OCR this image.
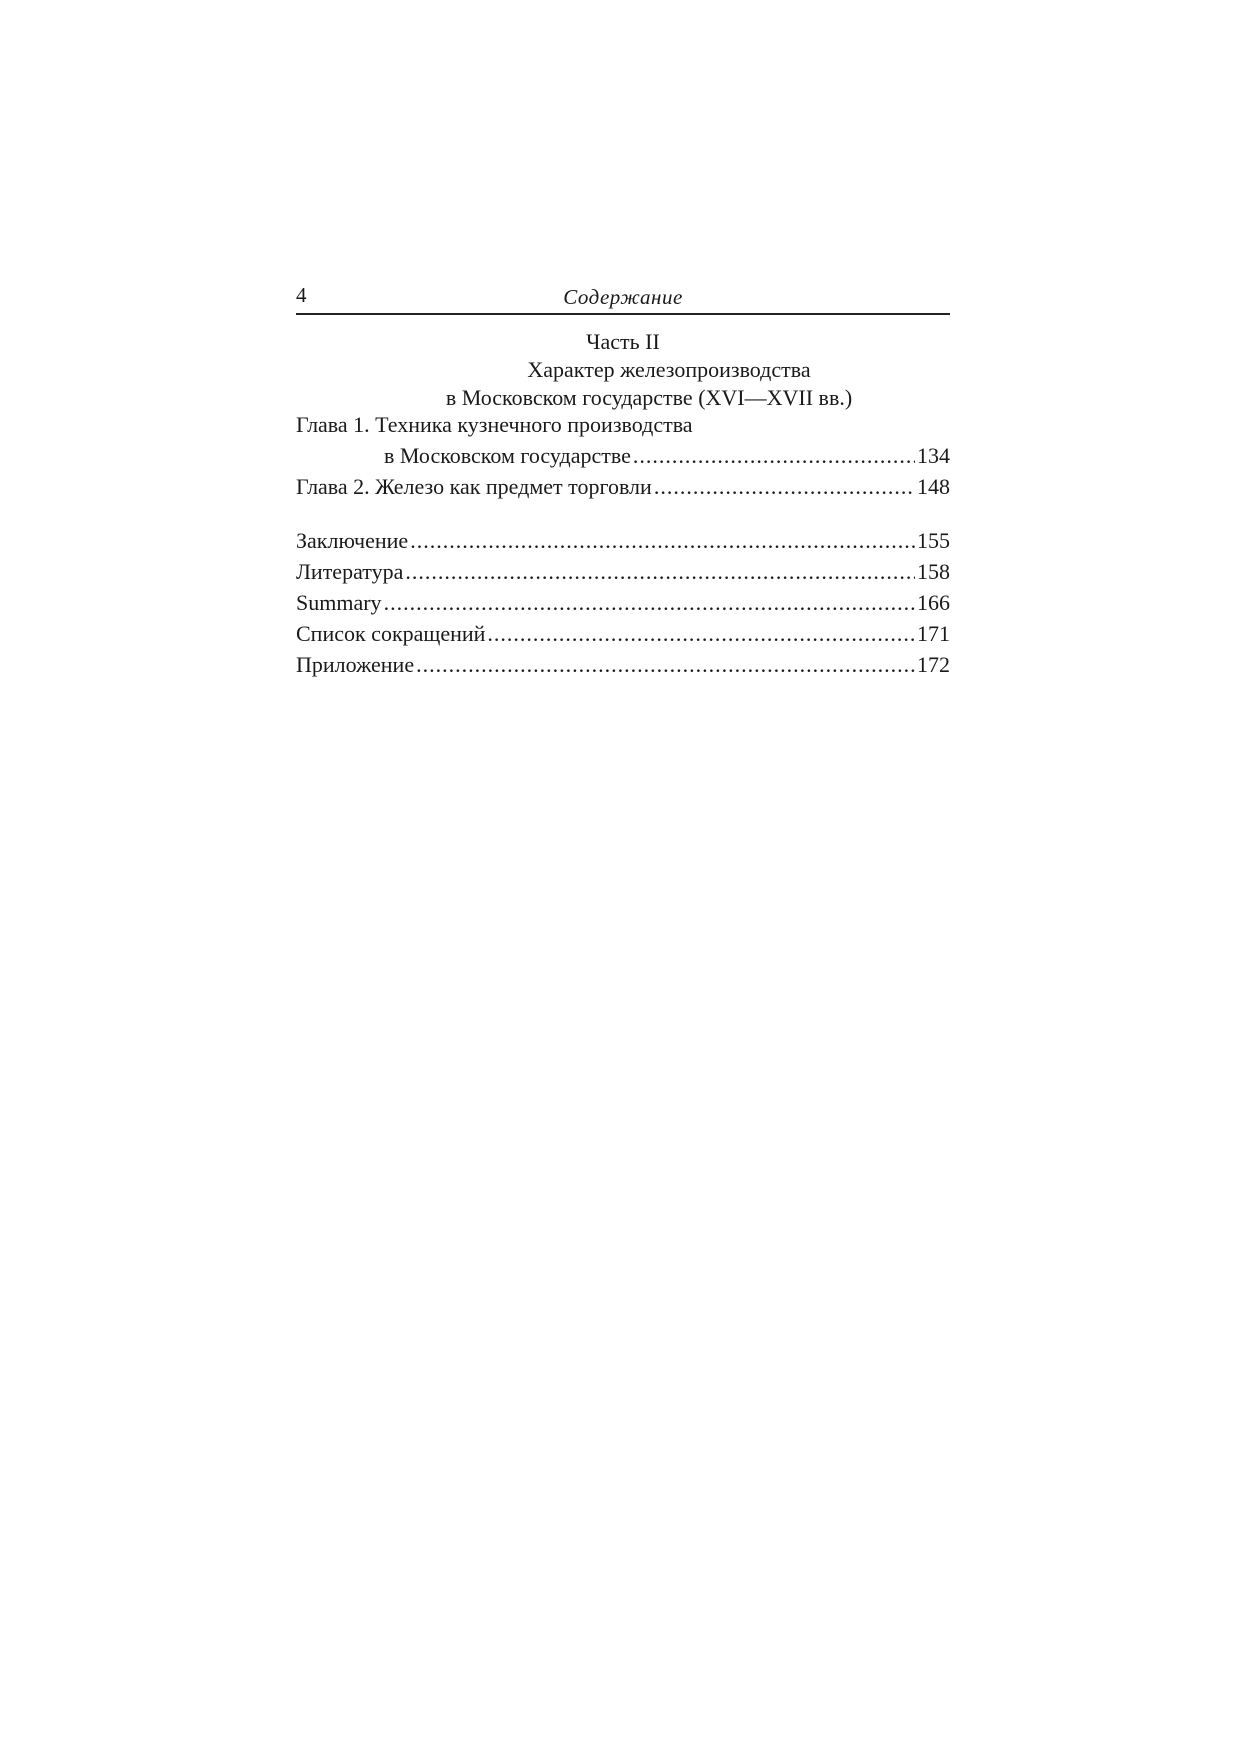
4	Содержание
Часть II
Характер железопроизводства
в Московском государстве (XVI—XVII вв.)
Глава 1. Техника кузнечного производства
в Московском государстве .....	134
Глава 2. Железо как предмет торговли .....	148
Заключение .....	155
Литература .....	158
Summary .....	166
Список сокращений .....	171
Приложение .....	172
